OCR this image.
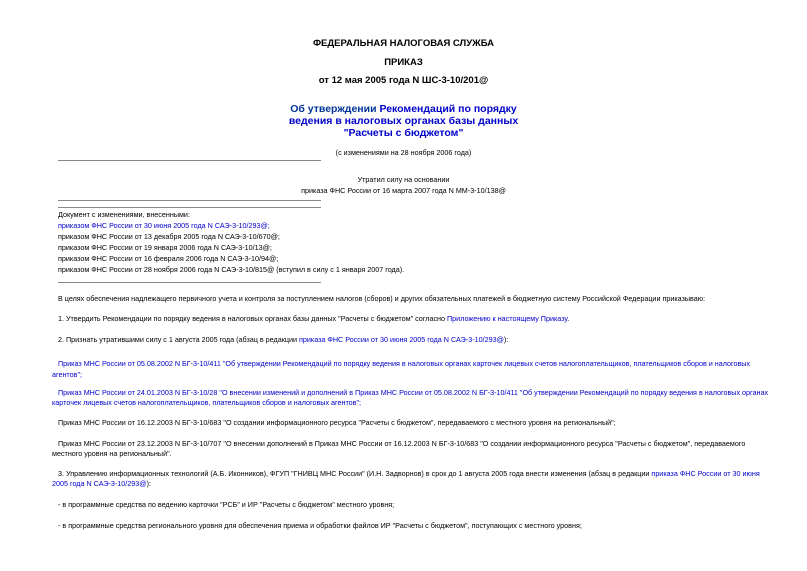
ФЕДЕРАЛЬНАЯ НАЛОГОВАЯ СЛУЖБА
ПРИКАЗ
от 12 мая 2005 года N ШС-3-10/201@
Об утверждении Рекомендаций по порядку
ведения в налоговых органах базы данных
"Расчеты с бюджетом"
(с изменениями на 28 ноября 2006 года)
Утратил силу на основании
приказа ФНС России от 16 марта 2007 года N ММ-3-10/138@
Документ с изменениями, внесенными:
приказом ФНС России от 30 июня 2005 года N САЭ-3-10/293@;
приказом ФНС России от 13 декабря 2005 года N САЭ-3-10/670@;
приказом ФНС России от 19 января 2006 года N САЭ-3-10/13@;
приказом ФНС России от 16 февраля 2006 года N САЭ-3-10/94@;
приказом ФНС России от 28 ноября 2006 года N САЭ-3-10/815@ (вступил в силу с 1 января 2007 года).
В целях обеспечения надлежащего первичного учета и контроля за поступлением налогов (сборов) и других обязательных платежей в бюджетную систему Российской Федерации приказываю:
1. Утвердить Рекомендации по порядку ведения в налоговых органах базы данных "Расчеты с бюджетом" согласно Приложению к настоящему Приказу.
2. Признать утратившими силу с 1 августа 2005 года (абзац в редакции приказа ФНС России от 30 июня 2005 года N САЭ-3-10/293@):
Приказ МНС России от 05.08.2002 N БГ-3-10/411 "Об утверждении Рекомендаций по порядку ведения в налоговых органах карточек лицевых счетов налогоплательщиков, плательщиков сборов и налоговых
агентов";
Приказ МНС России от 24.01.2003 N БГ-3-10/28 "О внесении изменений и дополнений в Приказ МНС России от 05.08.2002 N БГ-3-10/411 "Об утверждении Рекомендаций по порядку ведения в налоговых органах
карточек лицевых счетов налогоплательщиков, плательщиков сборов и налоговых агентов";
Приказ МНС России от 16.12.2003 N БГ-3-10/683 "О создании информационного ресурса "Расчеты с бюджетом", передаваемого с местного уровня на региональный";
Приказ МНС России от 23.12.2003 N БГ-3-10/707 "О внесении дополнений в Приказ МНС России от 16.12.2003 N БГ-3-10/683 "О создании информационного ресурса "Расчеты с бюджетом", передаваемого
местного уровня на региональный".
3. Управлению информационных технологий (А.Б. Иконников), ФГУП "ГНИВЦ МНС России" (И.Н. Задворнов) в срок до 1 августа 2005 года внести изменения (абзац в редакции приказа ФНС России от 30 июня
2005 года N САЭ-3-10/293@):
- в программные средства по ведению карточки "РСБ" и ИР "Расчеты с бюджетом" местного уровня;
- в программные средства регионального уровня для обеспечения приема и обработки файлов ИР "Расчеты с бюджетом", поступающих с местного уровня;
